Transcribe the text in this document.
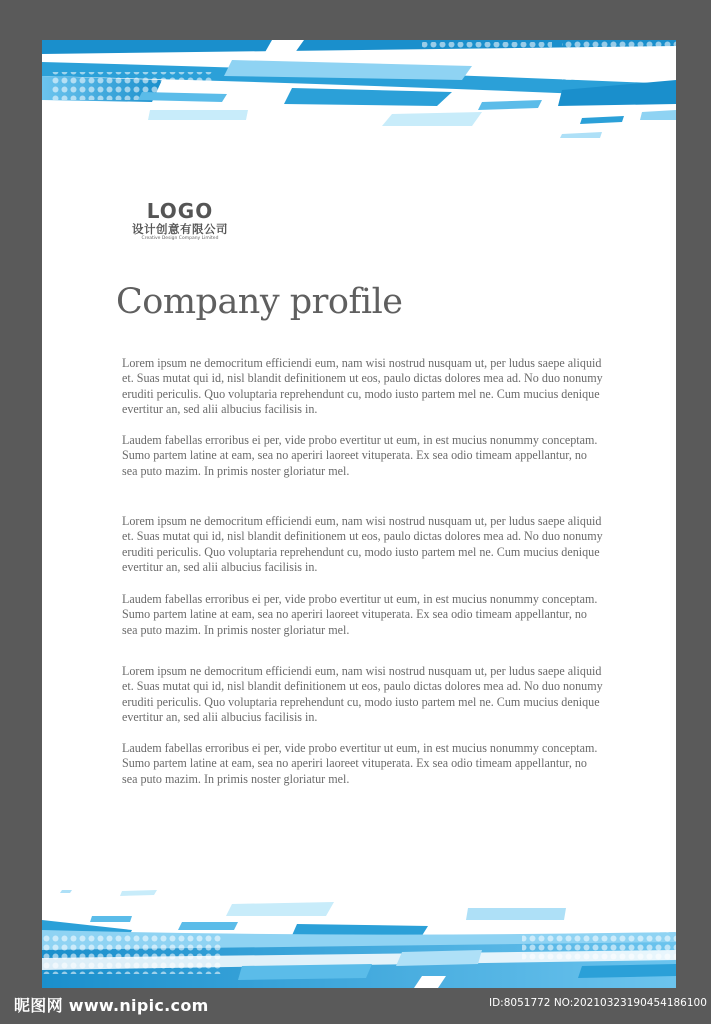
LOGO
设计创意有限公司
Creative Design Company Limited
Company profile

Lorem ipsum ne democritum efficiendi eum, nam wisi nostrud nusquam ut, per ludus saepe aliquid et. Suas mutat qui id, nisl blandit definitionem ut eos, paulo dictas dolores mea ad. No duo nonumy eruditi periculis. Quo voluptaria reprehendunt cu, modo iusto partem mel ne. Cum mucius denique evertitur an, sed alii albucius facilisis in.

Laudem fabellas erroribus ei per, vide probo evertitur ut eum, in est mucius nonummy conceptam. Sumo partem latine at eam, sea no aperiri laoreet vituperata. Ex sea odio timeam appellantur, no sea puto mazim. In primis noster gloriatur mel.

Lorem ipsum ne democritum efficiendi eum, nam wisi nostrud nusquam ut, per ludus saepe aliquid et. Suas mutat qui id, nisl blandit definitionem ut eos, paulo dictas dolores mea ad. No duo nonumy eruditi periculis. Quo voluptaria reprehendunt cu, modo iusto partem mel ne. Cum mucius denique evertitur an, sed alii albucius facilisis in.

Laudem fabellas erroribus ei per, vide probo evertitur ut eum, in est mucius nonummy conceptam. Sumo partem latine at eam, sea no aperiri laoreet vituperata. Ex sea odio timeam appellantur, no sea puto mazim. In primis noster gloriatur mel.

Lorem ipsum ne democritum efficiendi eum, nam wisi nostrud nusquam ut, per ludus saepe aliquid et. Suas mutat qui id, nisl blandit definitionem ut eos, paulo dictas dolores mea ad. No duo nonumy eruditi periculis. Quo voluptaria reprehendunt cu, modo iusto partem mel ne. Cum mucius denique evertitur an, sed alii albucius facilisis in.

Laudem fabellas erroribus ei per, vide probo evertitur ut eum, in est mucius nonummy conceptam. Sumo partem latine at eam, sea no aperiri laoreet vituperata. Ex sea odio timeam appellantur, no sea puto mazim. In primis noster gloriatur mel.

昵图网 www.nipic.com	ID:8051772 NO:20210323190454186100
